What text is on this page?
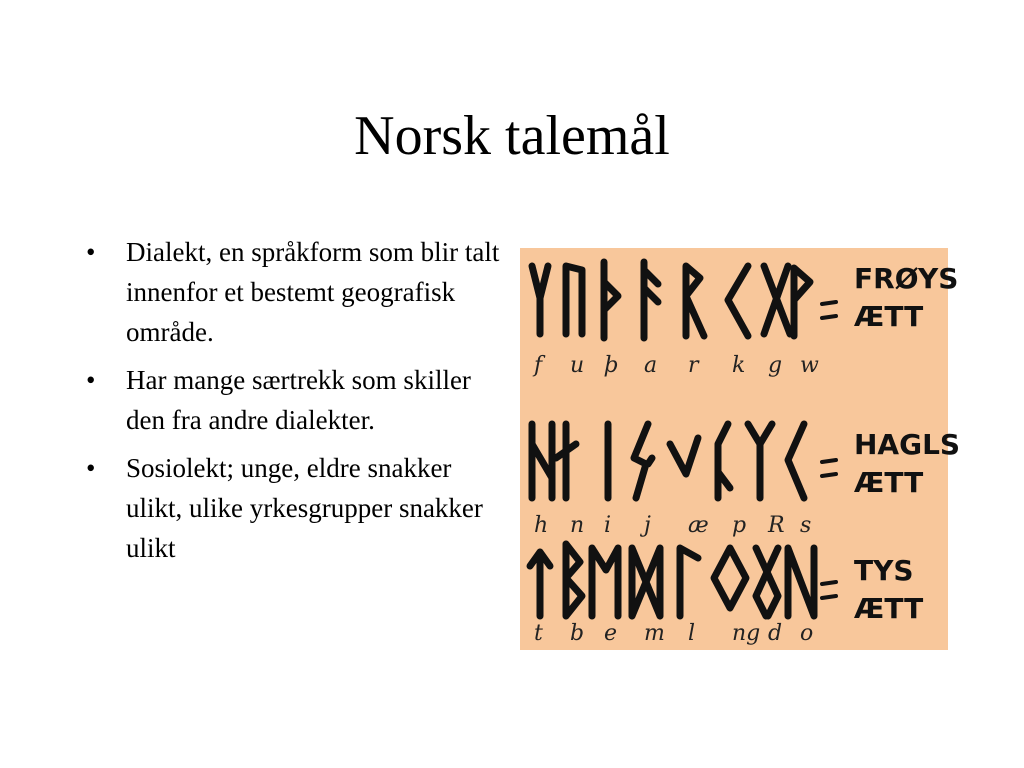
Norsk talemål
•	Dialekt, en språkform som blir talt innenfor et bestemt geografisk område.
•	Har mange særtrekk som skiller den fra andre dialekter.
•	Sosiolekt; unge, eldre snakker ulikt, ulike yrkesgrupper snakker ulikt
FRØYS
ÆTT
HAGLS
ÆTT
TYS
ÆTT
f u þ a r k g w
h n i j æ p R s
t b e m l ng d o
